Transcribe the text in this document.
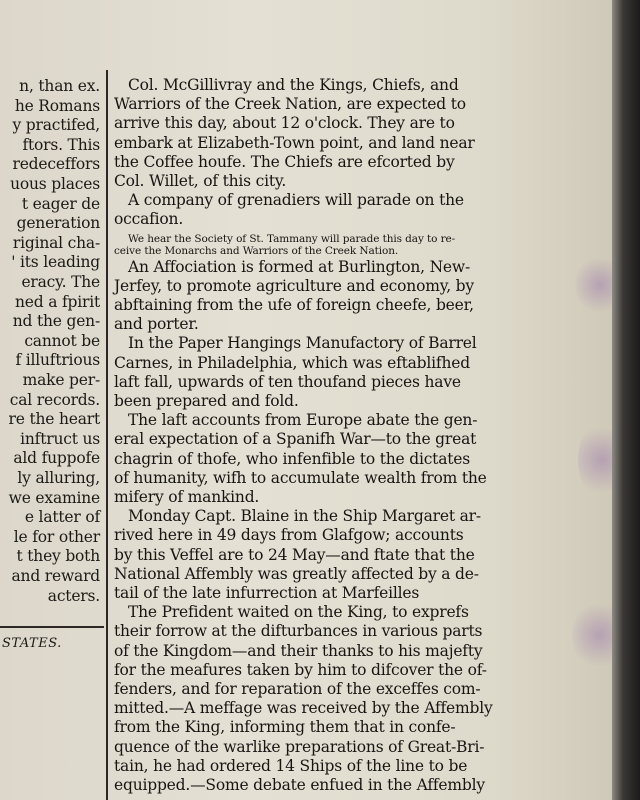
n, than ex.
he Romans
y practifed,
ftors. This
redeceffors
uous places
t eager de
generation
riginal cha-
' its leading
eracy. The
ned a fpirit
nd the gen-
cannot be
f illuftrious
make per-
cal records.
re the heart
inftruct us
ald fuppofe
ly alluring,
we examine
e latter of
le for other
t they both
and reward
acters.
STATES.
Col. McGillivray and the Kings, Chiefs, and
Warriors of the Creek Nation, are expected to
arrive this day, about 12 o'clock. They are to
embark at Elizabeth-Town point, and land near
the Coffee houfe. The Chiefs are efcorted by
Col. Willet, of this city.
A company of grenadiers will parade on the
occafion.
We hear the Society of St. Tammany will parade this day to re-
ceive the Monarchs and Warriors of the Creek Nation.
An Affociation is formed at Burlington, New-
Jerfey, to promote agriculture and economy, by
abftaining from the ufe of foreign cheefe, beer,
and porter.
In the Paper Hangings Manufactory of Barrel
Carnes, in Philadelphia, which was eftablifhed
laft fall, upwards of ten thoufand pieces have
been prepared and fold.
The laft accounts from Europe abate the gen-
eral expectation of a Spanifh War—to the great
chagrin of thofe, who infenfible to the dictates
of humanity, wifh to accumulate wealth from the
mifery of mankind.
Monday Capt. Blaine in the Ship Margaret ar-
rived here in 49 days from Glafgow; accounts
by this Veffel are to 24 May—and ftate that the
National Affembly was greatly affected by a de-
tail of the late infurrection at Marfeilles
The Prefident waited on the King, to exprefs
their forrow at the difturbances in various parts
of the Kingdom—and their thanks to his majefty
for the meafures taken by him to difcover the of-
fenders, and for reparation of the exceffes com-
mitted.—A meffage was received by the Affembly
from the King, informing them that in confe-
quence of the warlike preparations of Great-Bri-
tain, he had ordered 14 Ships of the line to be
equipped.—Some debate enfued in the Affembly
